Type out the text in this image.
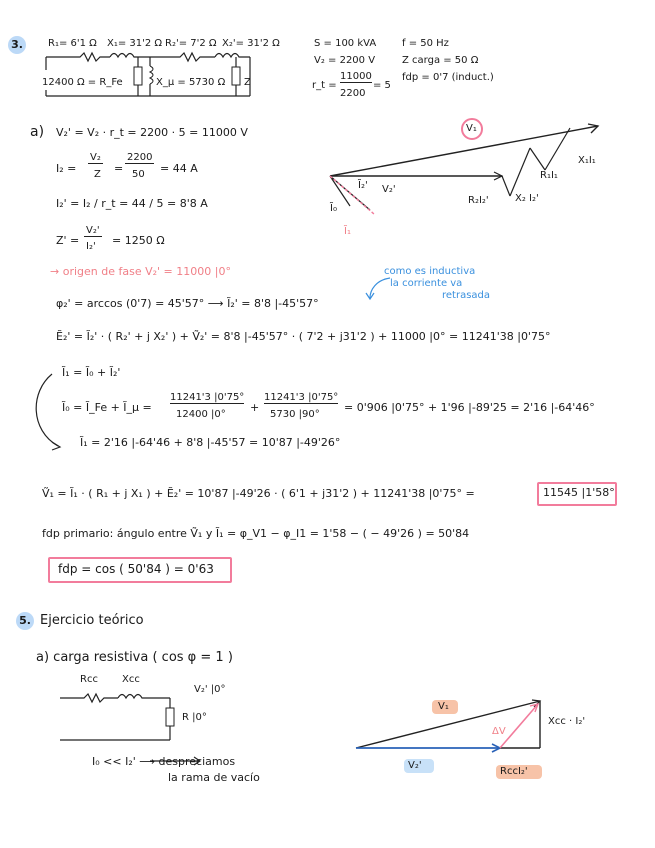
3.	R₁= 6'1 Ω X₁= 31'2 Ω R₂'= 7'2 Ω X₂'= 31'2 Ω
12400 Ω = R_Fe	X_μ = 5730 Ω Z
S = 100 kVA
V₂ = 2200 V
r_t =
11000
2200
= 5
f = 50 Hz
Z carga = 50 Ω
fdp = 0'7 (induct.)
a) V₂' = V₂ · r_t = 2200 · 5 = 11000 V
I₂ =
V₂
Z =
2200
50 = 44 A
I₂' = I₂ / r_t = 44 / 5 = 8'8 A
Z' =
V₂'
I₂' = 1250 Ω
→ origen de fase V₂' = 11000 |0°	como es inductiva
la corriente va
retrasada
φ₂' = arccos (0'7) = 45'57° ⟶ Ĩ₂' = 8'8 |-45'57°
Ẽ₂' = Ĩ₂' · ( R₂' + j X₂' ) + Ṽ₂' = 8'8 |-45'57° · ( 7'2 + j31'2 ) + 11000 |0° = 11241'38 |0'75°
Ĩ₁ = Ĩ₀ + Ĩ₂'
Ĩ₀ = Ĩ_Fe + Ĩ_μ =
11241'3 |0'75°
12400 |0°
+
11241'3 |0'75°
5730 |90°
= 0'906 |0'75° + 1'96 |-89'25 = 2'16 |-64'46°
Ĩ₁ = 2'16 |-64'46 + 8'8 |-45'57 = 10'87 |-49'26°
Ṽ₁ = Ĩ₁ · ( R₁ + j X₁ ) + Ẽ₂' = 10'87 |-49'26 · ( 6'1 + j31'2 ) + 11241'38 |0'75° =	11545 |1'58°
fdp primario: ángulo entre Ṽ₁ y Ĩ₁ = φ_V1 − φ_I1 = 1'58 − ( − 49'26 ) = 50'84
fdp = cos ( 50'84 ) = 0'63
V₁
Ĩ₂' V₂'
Ĩ₀
Ĩ₁
R₂I₂'	X₂ I₂'
R₁I₁
X₁I₁
5. Ejercicio teórico
a) carga resistiva ( cos φ = 1 )
Rcc Xcc
V₂' |0°
R |0°
I₀ << I₂' ⟶ despreciamos
la rama de vacío
V₁
ΔV
Xcc · I₂'
V₂'
RccI₂'
